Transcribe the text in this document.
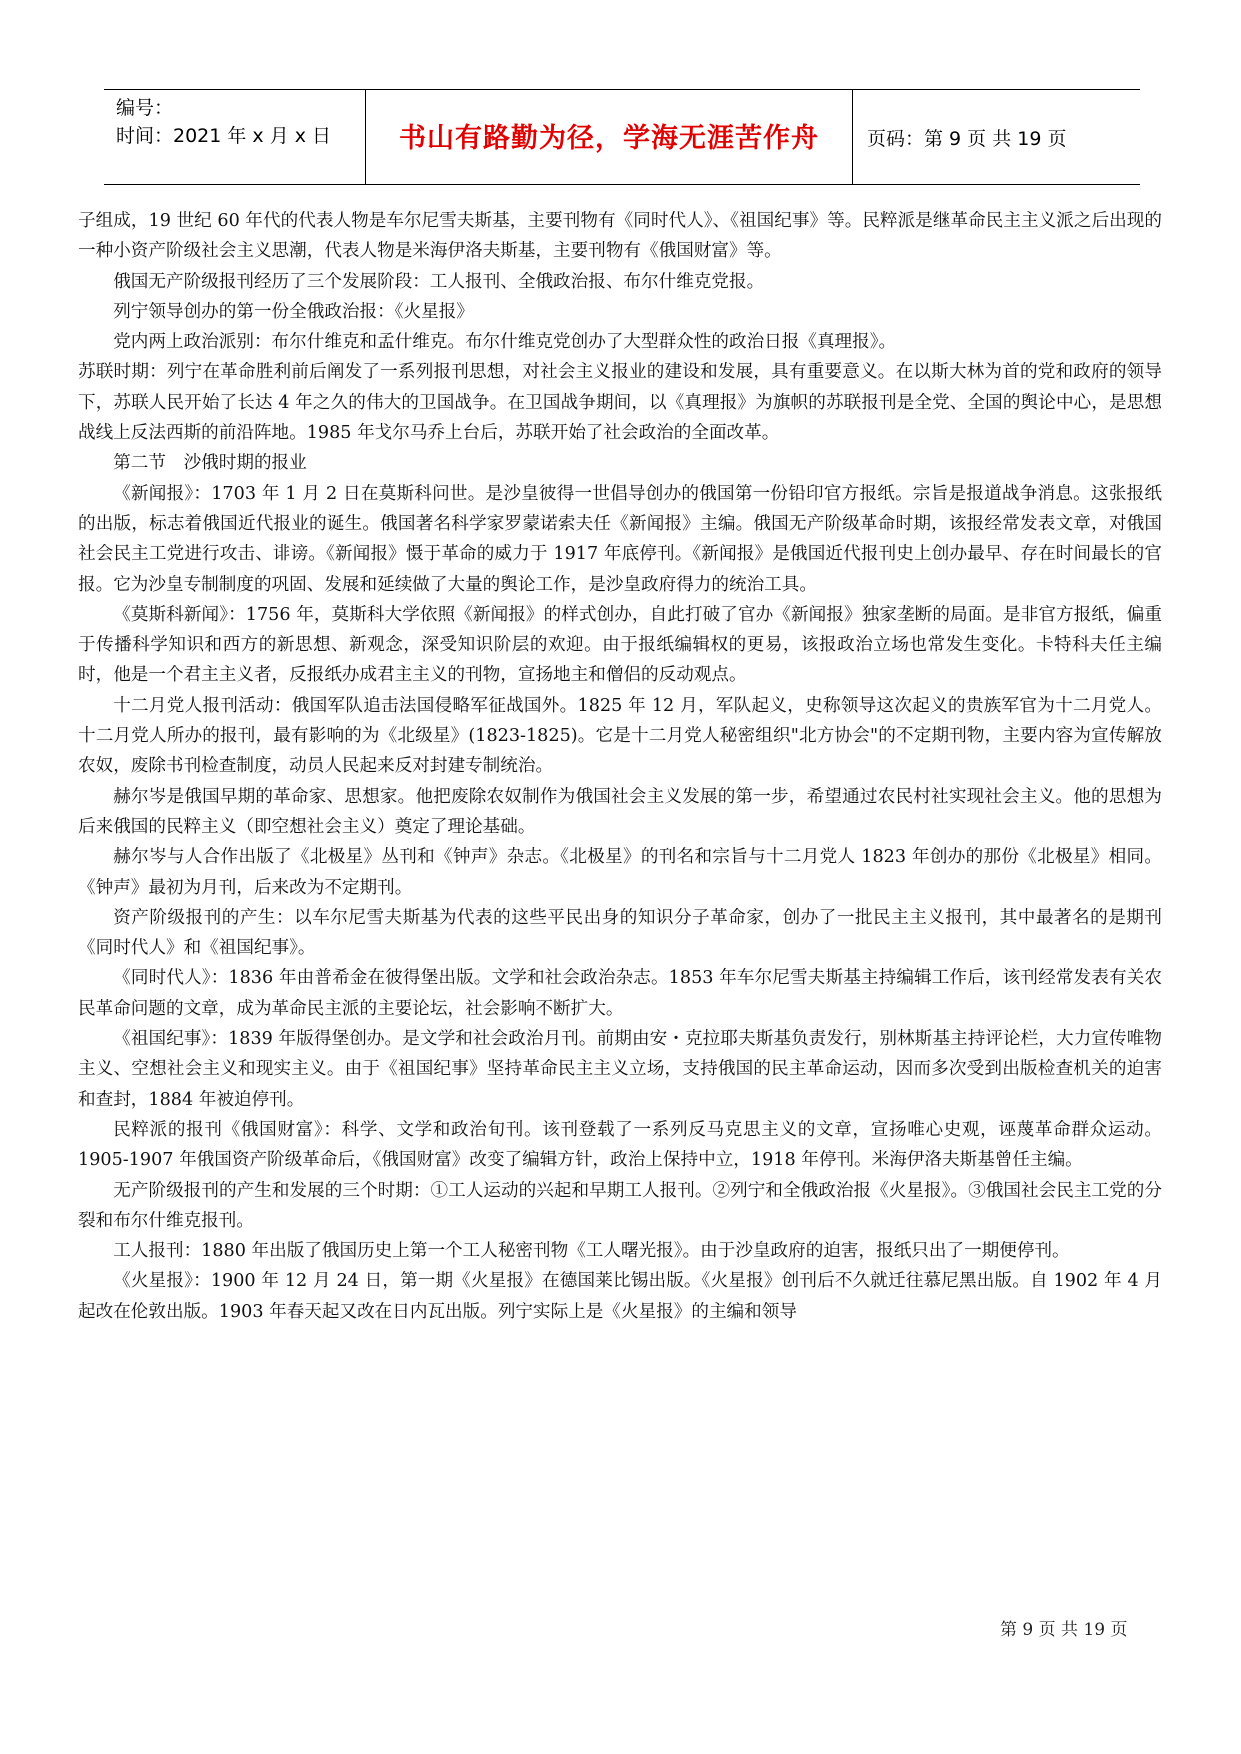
编号：
时间：2021 年 x 月 x 日	书山有路勤为径，学海无涯苦作舟	页码：第 9 页 共 19 页

子组成，19 世纪 60 年代的代表人物是车尔尼雪夫斯基，主要刊物有《同时代人》、《祖国纪事》等。民粹派是继革命民主主义派之后出现的一种小资产阶级社会主义思潮，代表人物是米海伊洛夫斯基，主要刊物有《俄国财富》等。

俄国无产阶级报刊经历了三个发展阶段：工人报刊、全俄政治报、布尔什维克党报。

列宁领导创办的第一份全俄政治报：《火星报》

党内两上政治派别：布尔什维克和孟什维克。布尔什维克党创办了大型群众性的政治日报《真理报》。

苏联时期：列宁在革命胜利前后阐发了一系列报刊思想，对社会主义报业的建设和发展，具有重要意义。在以斯大林为首的党和政府的领导下，苏联人民开始了长达 4 年之久的伟大的卫国战争。在卫国战争期间，以《真理报》为旗帜的苏联报刊是全党、全国的舆论中心，是思想战线上反法西斯的前沿阵地。1985 年戈尔马乔上台后，苏联开始了社会政治的全面改革。

第二节　沙俄时期的报业

《新闻报》：1703 年 1 月 2 日在莫斯科问世。是沙皇彼得一世倡导创办的俄国第一份铅印官方报纸。宗旨是报道战争消息。这张报纸的出版，标志着俄国近代报业的诞生。俄国著名科学家罗蒙诺索夫任《新闻报》主编。俄国无产阶级革命时期，该报经常发表文章，对俄国社会民主工党进行攻击、诽谤。《新闻报》慑于革命的威力于 1917 年底停刊。《新闻报》是俄国近代报刊史上创办最早、存在时间最长的官报。它为沙皇专制制度的巩固、发展和延续做了大量的舆论工作，是沙皇政府得力的统治工具。

《莫斯科新闻》：1756 年，莫斯科大学依照《新闻报》的样式创办，自此打破了官办《新闻报》独家垄断的局面。是非官方报纸，偏重于传播科学知识和西方的新思想、新观念，深受知识阶层的欢迎。由于报纸编辑权的更易，该报政治立场也常发生变化。卡特科夫任主编时，他是一个君主主义者，反报纸办成君主主义的刊物，宣扬地主和僧侣的反动观点。

十二月党人报刊活动：俄国军队追击法国侵略军征战国外。1825 年 12 月，军队起义，史称领导这次起义的贵族军官为十二月党人。十二月党人所办的报刊，最有影响的为《北级星》(1823-1825)。它是十二月党人秘密组织"北方协会"的不定期刊物，主要内容为宣传解放农奴，废除书刊检查制度，动员人民起来反对封建专制统治。

赫尔岑是俄国早期的革命家、思想家。他把废除农奴制作为俄国社会主义发展的第一步，希望通过农民村社实现社会主义。他的思想为后来俄国的民粹主义（即空想社会主义）奠定了理论基础。

赫尔岑与人合作出版了《北极星》丛刊和《钟声》杂志。《北极星》的刊名和宗旨与十二月党人 1823 年创办的那份《北极星》相同。《钟声》最初为月刊，后来改为不定期刊。

资产阶级报刊的产生：以车尔尼雪夫斯基为代表的这些平民出身的知识分子革命家，创办了一批民主主义报刊，其中最著名的是期刊《同时代人》和《祖国纪事》。

《同时代人》：1836 年由普希金在彼得堡出版。文学和社会政治杂志。1853 年车尔尼雪夫斯基主持编辑工作后，该刊经常发表有关农民革命问题的文章，成为革命民主派的主要论坛，社会影响不断扩大。

《祖国纪事》：1839 年版得堡创办。是文学和社会政治月刊。前期由安・克拉耶夫斯基负责发行，别林斯基主持评论栏，大力宣传唯物主义、空想社会主义和现实主义。由于《祖国纪事》坚持革命民主主义立场，支持俄国的民主革命运动，因而多次受到出版检查机关的迫害和查封，1884 年被迫停刊。

民粹派的报刊《俄国财富》：科学、文学和政治旬刊。该刊登载了一系列反马克思主义的文章，宣扬唯心史观，诬蔑革命群众运动。1905-1907 年俄国资产阶级革命后，《俄国财富》改变了编辑方针，政治上保持中立，1918 年停刊。米海伊洛夫斯基曾任主编。

无产阶级报刊的产生和发展的三个时期：①工人运动的兴起和早期工人报刊。②列宁和全俄政治报《火星报》。③俄国社会民主工党的分裂和布尔什维克报刊。

工人报刊：1880 年出版了俄国历史上第一个工人秘密刊物《工人曙光报》。由于沙皇政府的迫害，报纸只出了一期便停刊。

《火星报》：1900 年 12 月 24 日，第一期《火星报》在德国莱比锡出版。《火星报》创刊后不久就迁往慕尼黑出版。自 1902 年 4 月起改在伦敦出版。1903 年春天起又改在日内瓦出版。列宁实际上是《火星报》的主编和领导

第 9 页 共 19 页
